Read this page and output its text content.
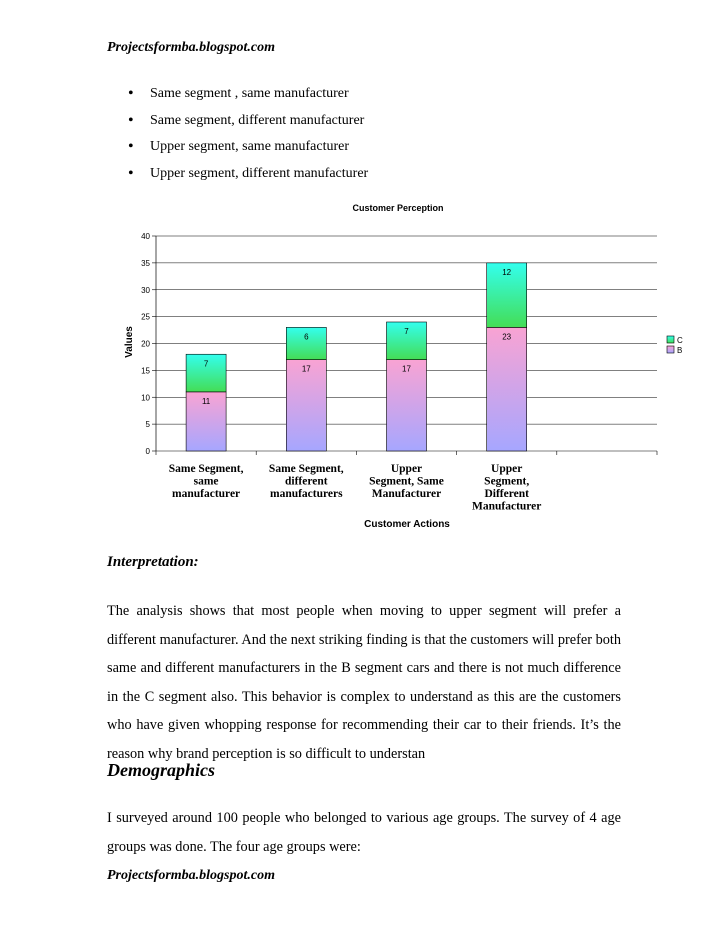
Projectsformba.blogspot.com
•	Same segment , same manufacturer
•	Same segment, different manufacturer
•	Upper segment, same manufacturer
•	Upper segment, different manufacturer
Customer Perception
Values
Customer Actions
0
5
10
15
20
25
30
35
40
11
7
17
6
17
7
23
12
Same Segment, same manufacturer
Same Segment, different manufacturers
Upper Segment, Same Manufacturer
Upper Segment, Different Manufacturer
C
B
Interpretation:
The analysis shows that most people when moving to upper segment will prefer a different manufacturer. And the next striking finding is that the customers will prefer both same and different manufacturers in the B segment cars and there is not much difference in the C segment also. This behavior is complex to understand as this are the customers who have given whopping response for recommending their car to their friends. It’s the reason why brand perception is so difficult to understan
Demographics
I surveyed around 100 people who belonged to various age groups. The survey of 4 age groups was done. The four age groups were:
Projectsformba.blogspot.com
